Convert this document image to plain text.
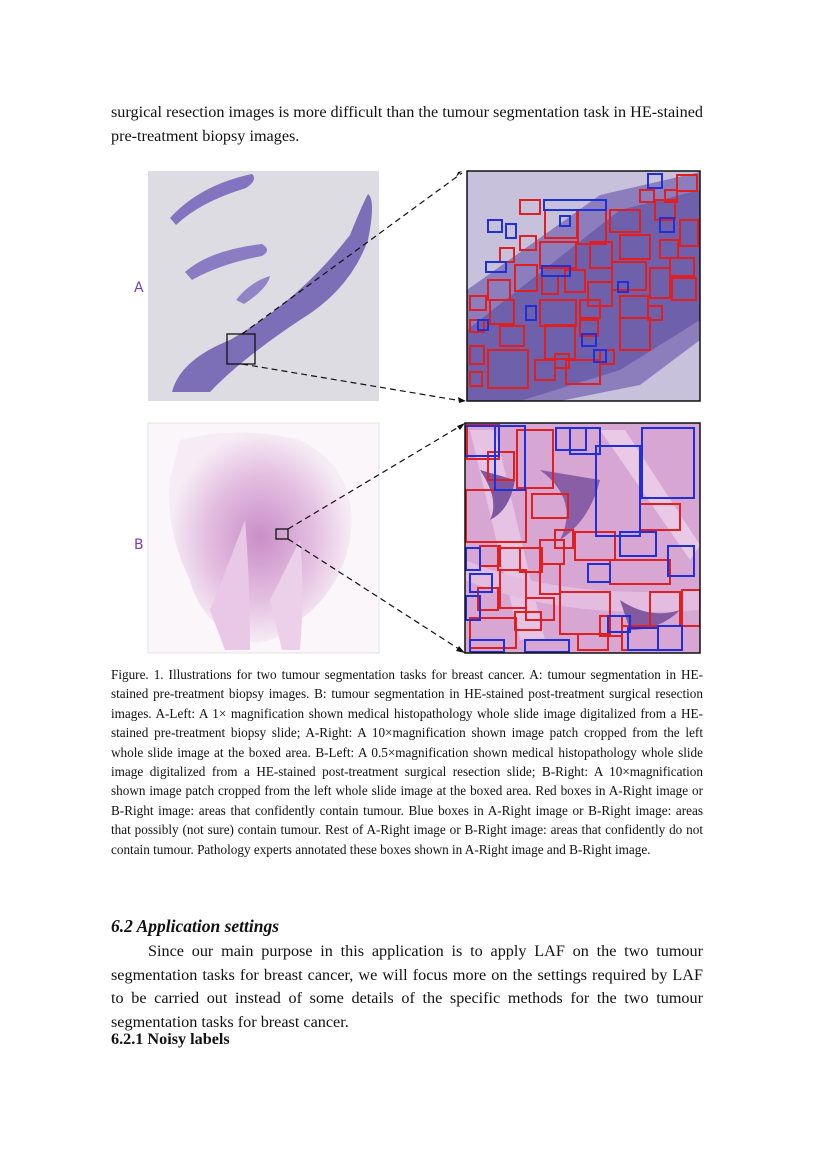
surgical resection images is more difficult than the tumour segmentation task in HE-stained pre-treatment biopsy images.

A
B

Figure. 1. Illustrations for two tumour segmentation tasks for breast cancer. A: tumour segmentation in HE-stained pre-treatment biopsy images. B: tumour segmentation in HE-stained post-treatment surgical resection images. A-Left: A 1× magnification shown medical histopathology whole slide image digitalized from a HE-stained pre-treatment biopsy slide; A-Right: A 10×magnification shown image patch cropped from the left whole slide image at the boxed area. B-Left: A 0.5×magnification shown medical histopathology whole slide image digitalized from a HE-stained post-treatment surgical resection slide; B-Right: A 10×magnification shown image patch cropped from the left whole slide image at the boxed area. Red boxes in A-Right image or B-Right image: areas that confidently contain tumour. Blue boxes in A-Right image or B-Right image: areas that possibly (not sure) contain tumour. Rest of A-Right image or B-Right image: areas that confidently do not contain tumour. Pathology experts annotated these boxes shown in A-Right image and B-Right image.

6.2 Application settings

Since our main purpose in this application is to apply LAF on the two tumour segmentation tasks for breast cancer, we will focus more on the settings required by LAF to be carried out instead of some details of the specific methods for the two tumour segmentation tasks for breast cancer.

6.2.1 Noisy labels
